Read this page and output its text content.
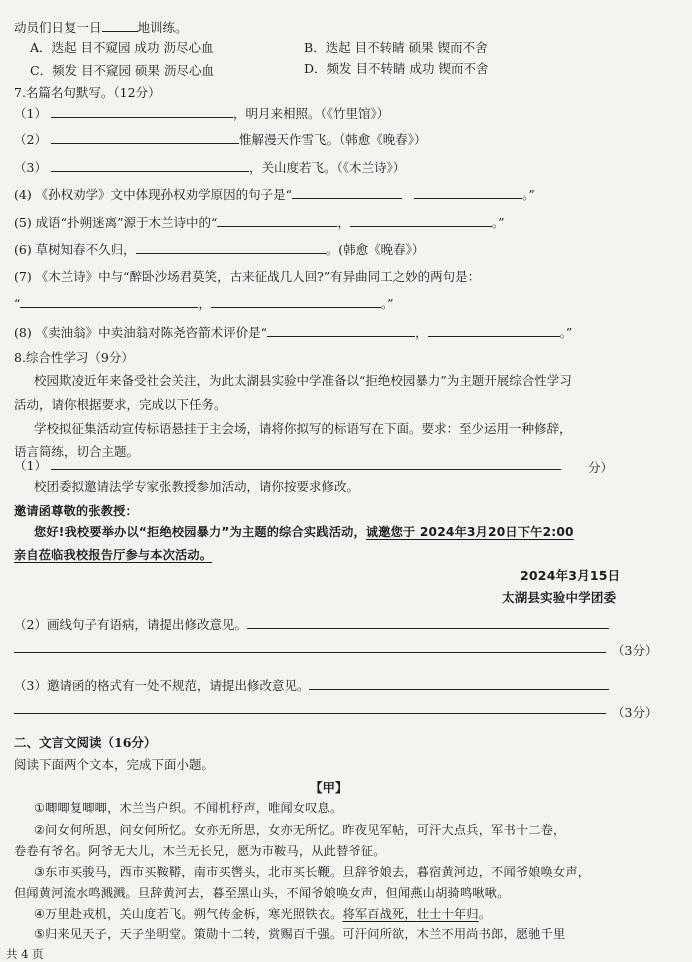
动员们日复一日	地训练。
A．迭起 目不窥园 成功 沥尽心血	B．迭起 目不转睛 硕果 锲而不舍
C．频发 目不窥园 硕果 沥尽心血	D．频发 目不转睛 成功 锲而不舍
7.名篇名句默写。（12分）
（1）	，明月来相照。（《竹里馆》）
（2）	惟解漫天作雪飞。（韩愈《晚春》）
（3）	，关山度若飞。（《木兰诗》）
(4) 《孙权劝学》文中体现孙权劝学原因的句子是“	。”
(5) 成语“扑朔迷离”源于木兰诗中的“	，	。”
(6) 草树知春不久归，	。(韩愈《晚春》）
(7) 《木兰诗》中与“醉卧沙场君莫笑，古来征战几人回?”有异曲同工之妙的两句是：
“	，	。”
(8) 《卖油翁》中卖油翁对陈尧咨箭术评价是“	，	。”
8.综合性学习（9分）
校园欺凌近年来备受社会关注，为此太湖县实验中学准备以“拒绝校园暴力”为主题开展综合性学习
活动，请你根据要求，完成以下任务。
学校拟征集活动宣传标语悬挂于主会场，请将你拟写的标语写在下面。要求：至少运用一种修辞，
语言简练，切合主题。
（1）	分）
校团委拟邀请法学专家张教授参加活动，请你按要求修改。
邀请函尊敬的张教授：
您好!我校要举办以“拒绝校园暴力”为主题的综合实践活动，诚邀您于 2024年3月20日下午2:00
亲自莅临我校报告厅参与本次活动。
2024年3月15日
太湖县实验中学团委
（2）画线句子有语病，请提出修改意见。
（3分）
（3）邀请函的格式有一处不规范，请提出修改意见。
（3分）
二、文言文阅读（16分）
阅读下面两个文本，完成下面小题。
【甲】
①唧唧复唧唧，木兰当户织。不闻机杼声，唯闻女叹息。
②问女何所思，问女何所忆。女亦无所思，女亦无所忆。昨夜见军帖，可汗大点兵，军书十二卷，
卷卷有爷名。阿爷无大儿，木兰无长兄，愿为市鞍马，从此替爷征。
③东市买骏马，西市买鞍鞯，南市买辔头，北市买长鞭。旦辞爷娘去，暮宿黄河边，不闻爷娘唤女声，
但闻黄河流水鸣溅溅。旦辞黄河去，暮至黑山头，不闻爷娘唤女声，但闻燕山胡骑鸣啾啾。
④万里赴戎机，关山度若飞。朔气传金柝，寒光照铁衣。将军百战死，壮士十年归。
⑤归来见天子，天子坐明堂。策勋十二转，赏赐百千强。可汗问所欲，木兰不用尚书郎，愿驰千里
共 4 页
